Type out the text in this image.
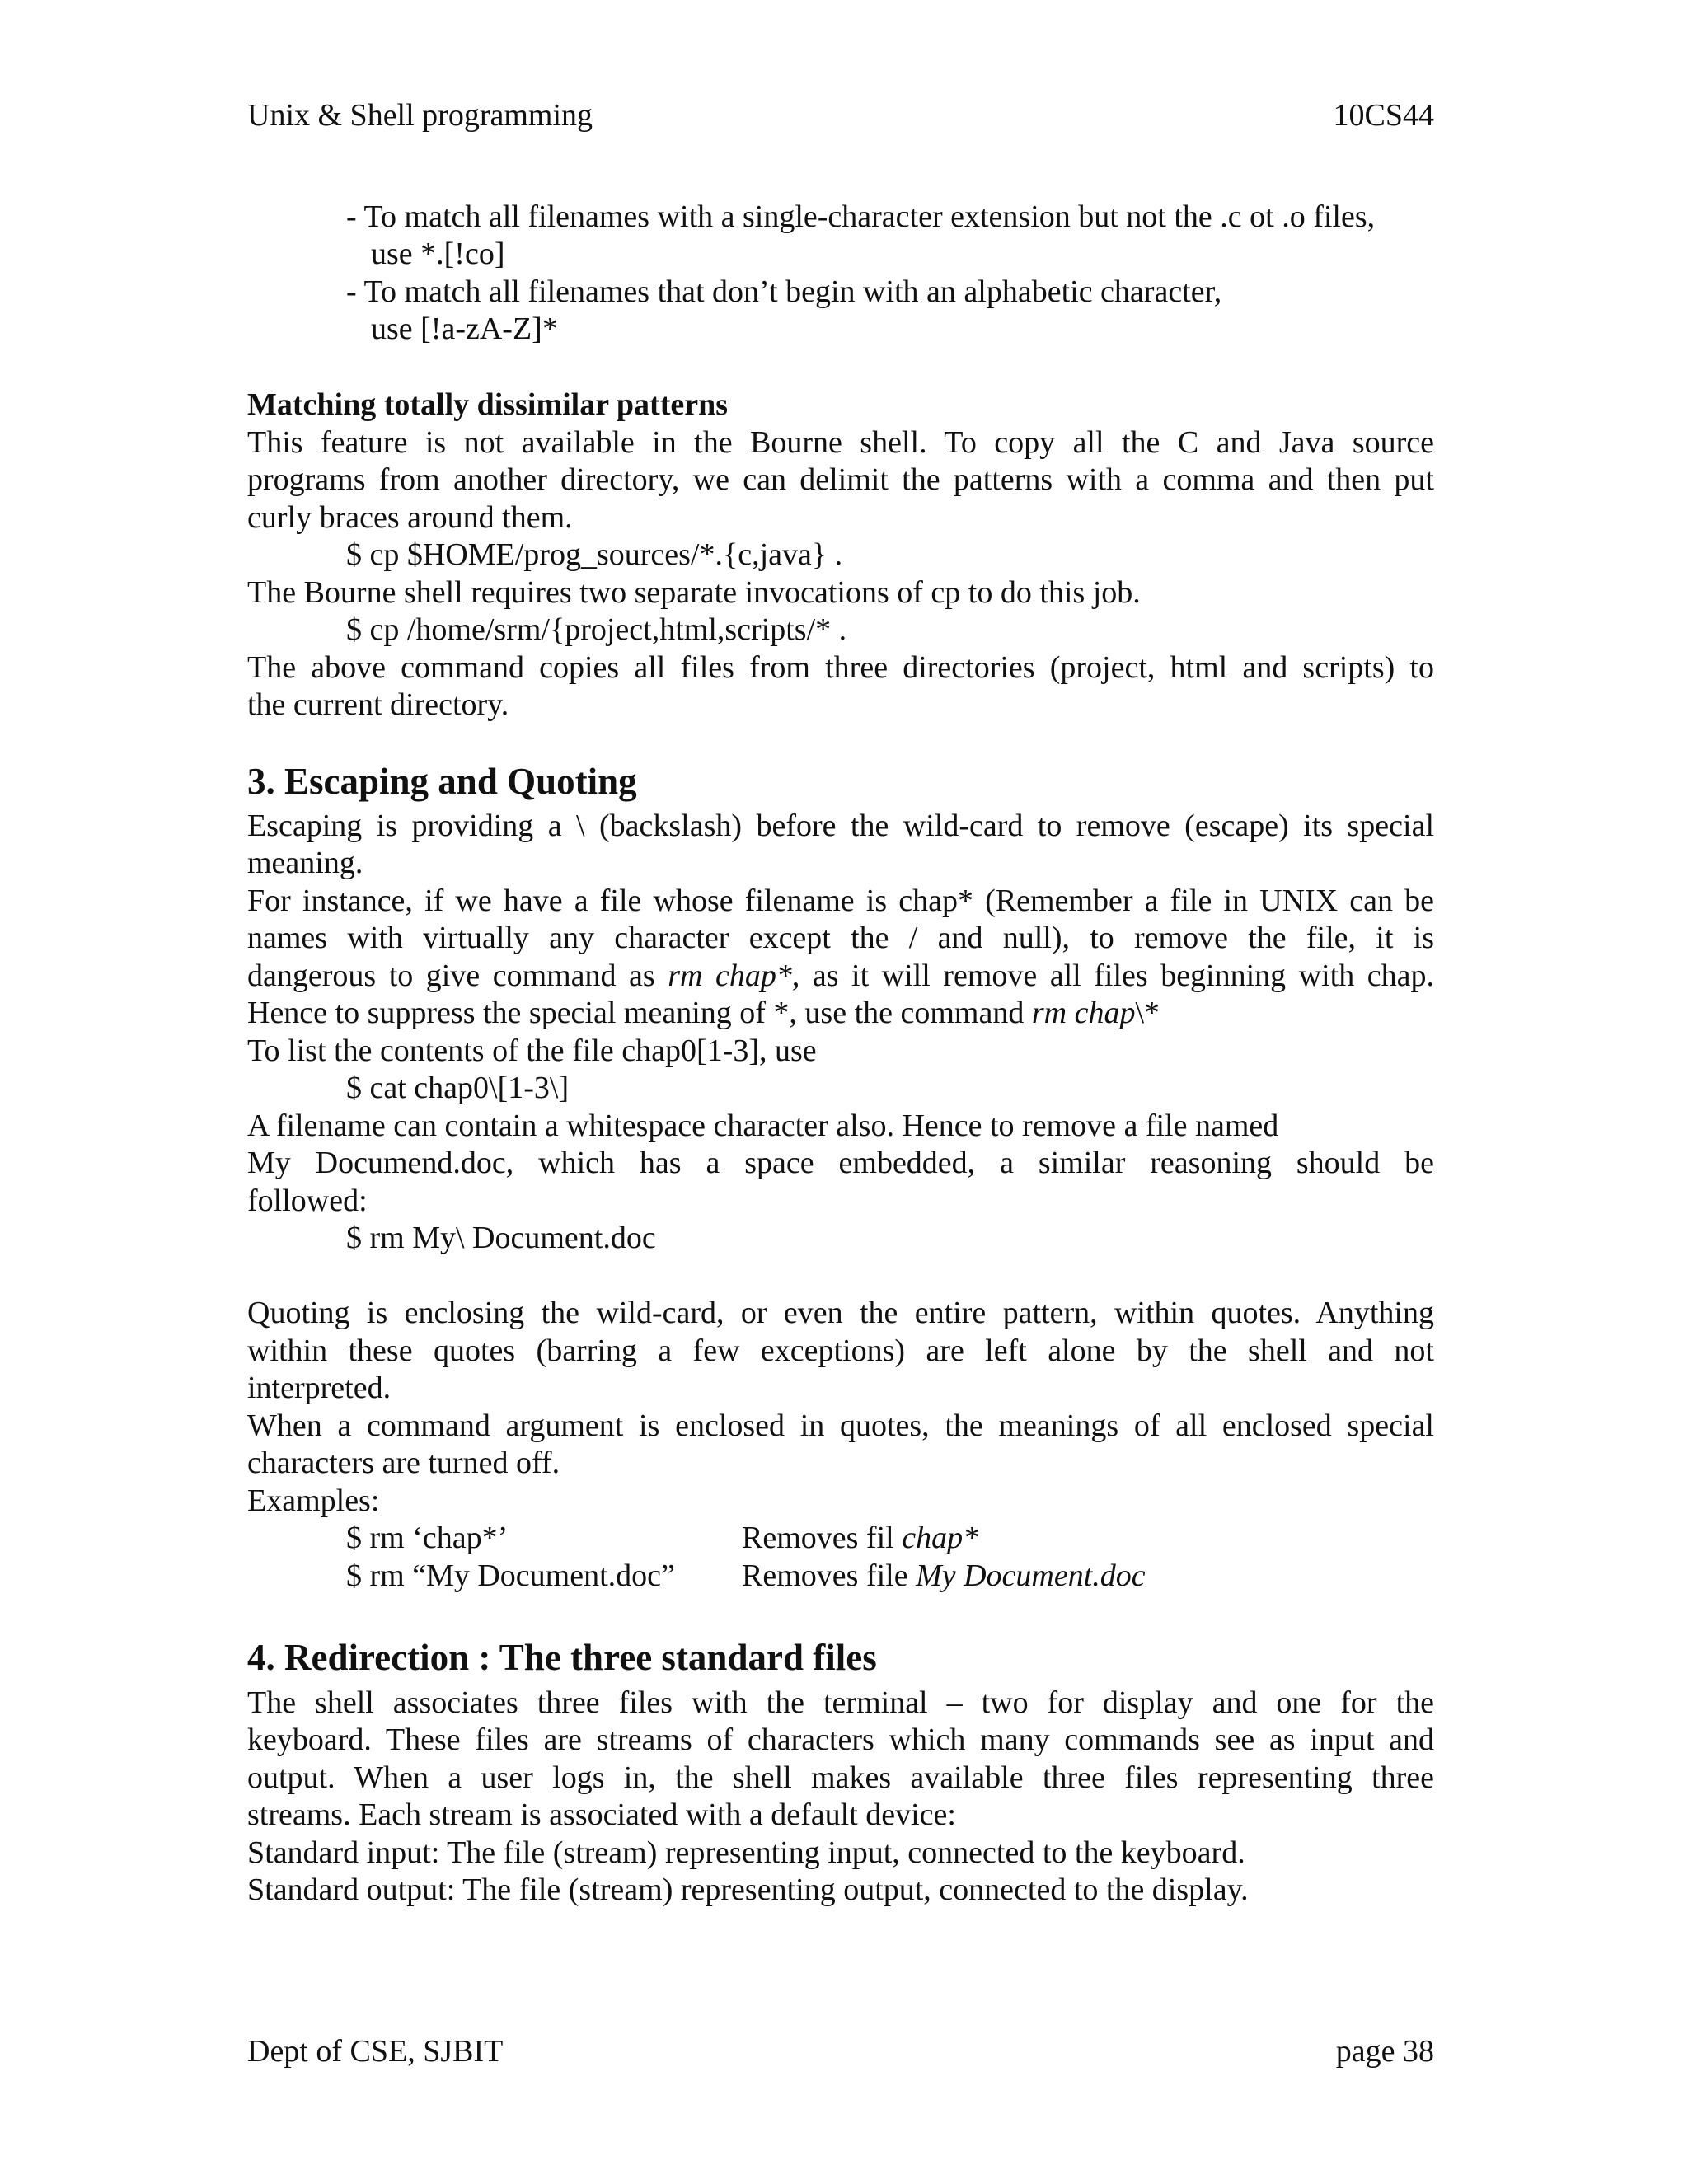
Unix & Shell programming	10CS44
- To match all filenames with a single-character extension but not the .c ot .o files,
use *.[!co]
- To match all filenames that don’t begin with an alphabetic character,
use [!a-zA-Z]*
Matching totally dissimilar patterns
This feature is not available in the Bourne shell. To copy all the C and Java source
programs from another directory, we can delimit the patterns with a comma and then put
curly braces around them.
$ cp $HOME/prog_sources/*.{c,java} .
The Bourne shell requires two separate invocations of cp to do this job.
$ cp /home/srm/{project,html,scripts/* .
The above command copies all files from three directories (project, html and scripts) to
the current directory.
3. Escaping and Quoting
Escaping is providing a \ (backslash) before the wild-card to remove (escape) its special
meaning.
For instance, if we have a file whose filename is chap* (Remember a file in UNIX can be
names with virtually any character except the / and null), to remove the file, it is
dangerous to give command as rm chap*, as it will remove all files beginning with chap.
Hence to suppress the special meaning of *, use the command rm chap\*
To list the contents of the file chap0[1-3], use
$ cat chap0\[1-3\]
A filename can contain a whitespace character also. Hence to remove a file named
My Documend.doc, which has a space embedded, a similar reasoning should be
followed:
$ rm My\ Document.doc
Quoting is enclosing the wild-card, or even the entire pattern, within quotes. Anything
within these quotes (barring a few exceptions) are left alone by the shell and not
interpreted.
When a command argument is enclosed in quotes, the meanings of all enclosed special
characters are turned off.
Examples:
$ rm ‘chap*’	Removes fil chap*
$ rm “My Document.doc” Removes file My Document.doc
4. Redirection : The three standard files
The shell associates three files with the terminal – two for display and one for the
keyboard. These files are streams of characters which many commands see as input and
output. When a user logs in, the shell makes available three files representing three
streams. Each stream is associated with a default device:
Standard input: The file (stream) representing input, connected to the keyboard.
Standard output: The file (stream) representing output, connected to the display.
Dept of CSE, SJBIT	page 38
